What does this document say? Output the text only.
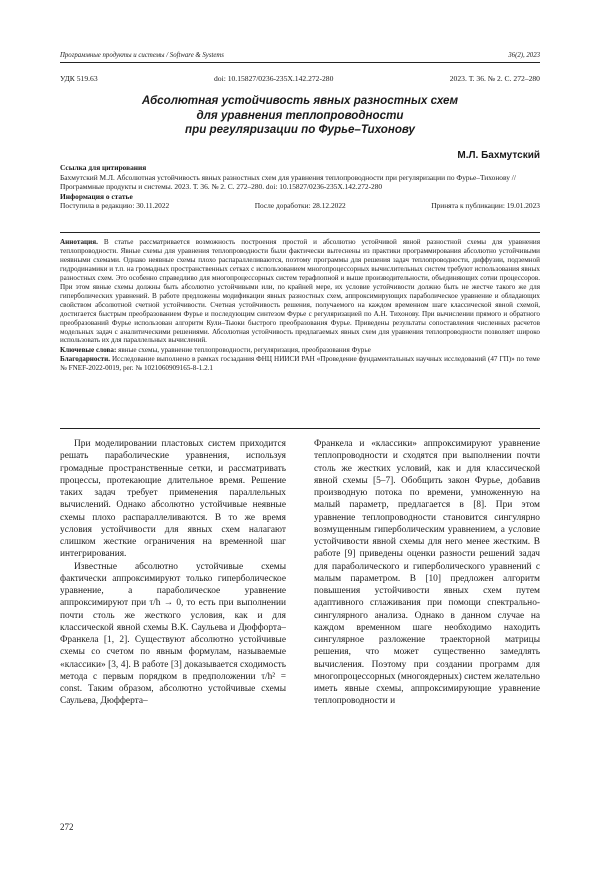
Программные продукты и системы / Software & Systems	36(2), 2023
УДК 519.63	doi: 10.15827/0236-235X.142.272-280	2023. Т. 36. № 2. С. 272–280
Абсолютная устойчивость явных разностных схем
для уравнения теплопроводности
при регуляризации по Фурье–Тихонову
М.Л. Бахмутский
Ссылка для цитирования
Бахмутский М.Л. Абсолютная устойчивость явных разностных схем для уравнения теплопроводности при регуляризации по Фурье–Тихонову // Программные продукты и системы. 2023. Т. 36. № 2. С. 272–280. doi: 10.15827/0236-235X.142.272-280
Информация о статье
Поступила в редакцию: 30.11.2022	После доработки: 28.12.2022	Принята к публикации: 19.01.2023
Аннотация. В статье рассматривается возможность построения простой и абсолютно устойчивой явной разностной схемы для уравнения теплопроводности. Явные схемы для уравнения теплопроводности были фактически вытеснены из практики программирования абсолютно устойчивыми неявными схемами. Однако неявные схемы плохо распараллеливаются, поэтому программы для решения задач теплопроводности, диффузии, подземной гидродинамики и т.п. на громадных пространственных сетках с использованием многопроцессорных вычислительных систем требуют использования явных разностных схем. Это особенно справедливо для многопроцессорных систем терафлопной и выше производительности, объединяющих сотни процессоров. При этом явные схемы должны быть абсолютно устойчивыми или, по крайней мере, их условие устойчивости должно быть не жестче такого же для гиперболических уравнений. В работе предложены модификации явных разностных схем, аппроксимирующих параболическое уравнение и обладающих свойством абсолютной счетной устойчивости. Счетная устойчивость решения, получаемого на каждом временном шаге классической явной схемой, достигается быстрым преобразованием Фурье и последующим синтезом Фурье с регуляризацией по А.Н. Тихонову. При вычислении прямого и обратного преобразований Фурье использован алгоритм Кули–Тьюки быстрого преобразования Фурье. Приведены результаты сопоставления численных расчетов модельных задач с аналитическими решениями. Абсолютная устойчивость предлагаемых явных схем для уравнения теплопроводности позволяет широко использовать их для параллельных вычислений.
Ключевые слова: явные схемы, уравнение теплопроводности, регуляризация, преобразования Фурье
Благодарности. Исследование выполнено в рамках госзадания ФНЦ НИИСИ РАН «Проведение фундаментальных научных исследований (47 ГП)» по теме № FNEF-2022-0019, рег. № 1021060909165-8-1.2.1

При моделировании пластовых систем приходится решать параболические уравнения, используя громадные пространственные сетки, и рассматривать процессы, протекающие длительное время. Решение таких задач требует применения параллельных вычислений. Однако абсолютно устойчивые неявные схемы плохо распараллеливаются. В то же время условия устойчивости для явных схем налагают слишком жесткие ограничения на временной шаг интегрирования.

Известные абсолютно устойчивые схемы фактически аппроксимируют только гиперболическое уравнение, а параболическое уравнение аппроксимируют при τ/h → 0, то есть при выполнении почти столь же жесткого условия, как и для классической явной схемы В.К. Саульева и Дюффорта–Франкела [1, 2]. Существуют абсолютно устойчивые схемы со счетом по явным формулам, называемые «классики» [3, 4]. В работе [3] доказывается сходимость метода с первым порядком в предположении τ/h² = const. Таким образом, абсолютно устойчивые схемы Саульева, Дюфферта–

Франкела и «классики» аппроксимируют уравнение теплопроводности и сходятся при выполнении почти столь же жестких условий, как и для классической явной схемы [5–7]. Обобщить закон Фурье, добавив производную потока по времени, умноженную на малый параметр, предлагается в [8]. При этом уравнение теплопроводности становится сингулярно возмущенным гиперболическим уравнением, а условие устойчивости явной схемы для него менее жестким. В работе [9] приведены оценки разности решений задач для параболического и гиперболического уравнений с малым параметром. В [10] предложен алгоритм повышения устойчивости явных схем путем адаптивного сглаживания при помощи спектрально-сингулярного анализа. Однако в данном случае на каждом временном шаге необходимо находить сингулярное разложение траекторной матрицы решения, что может существенно замедлять вычисления. Поэтому при создании программ для многопроцессорных (многоядерных) систем желательно иметь явные схемы, аппроксимирующие уравнение теплопроводности и

272
